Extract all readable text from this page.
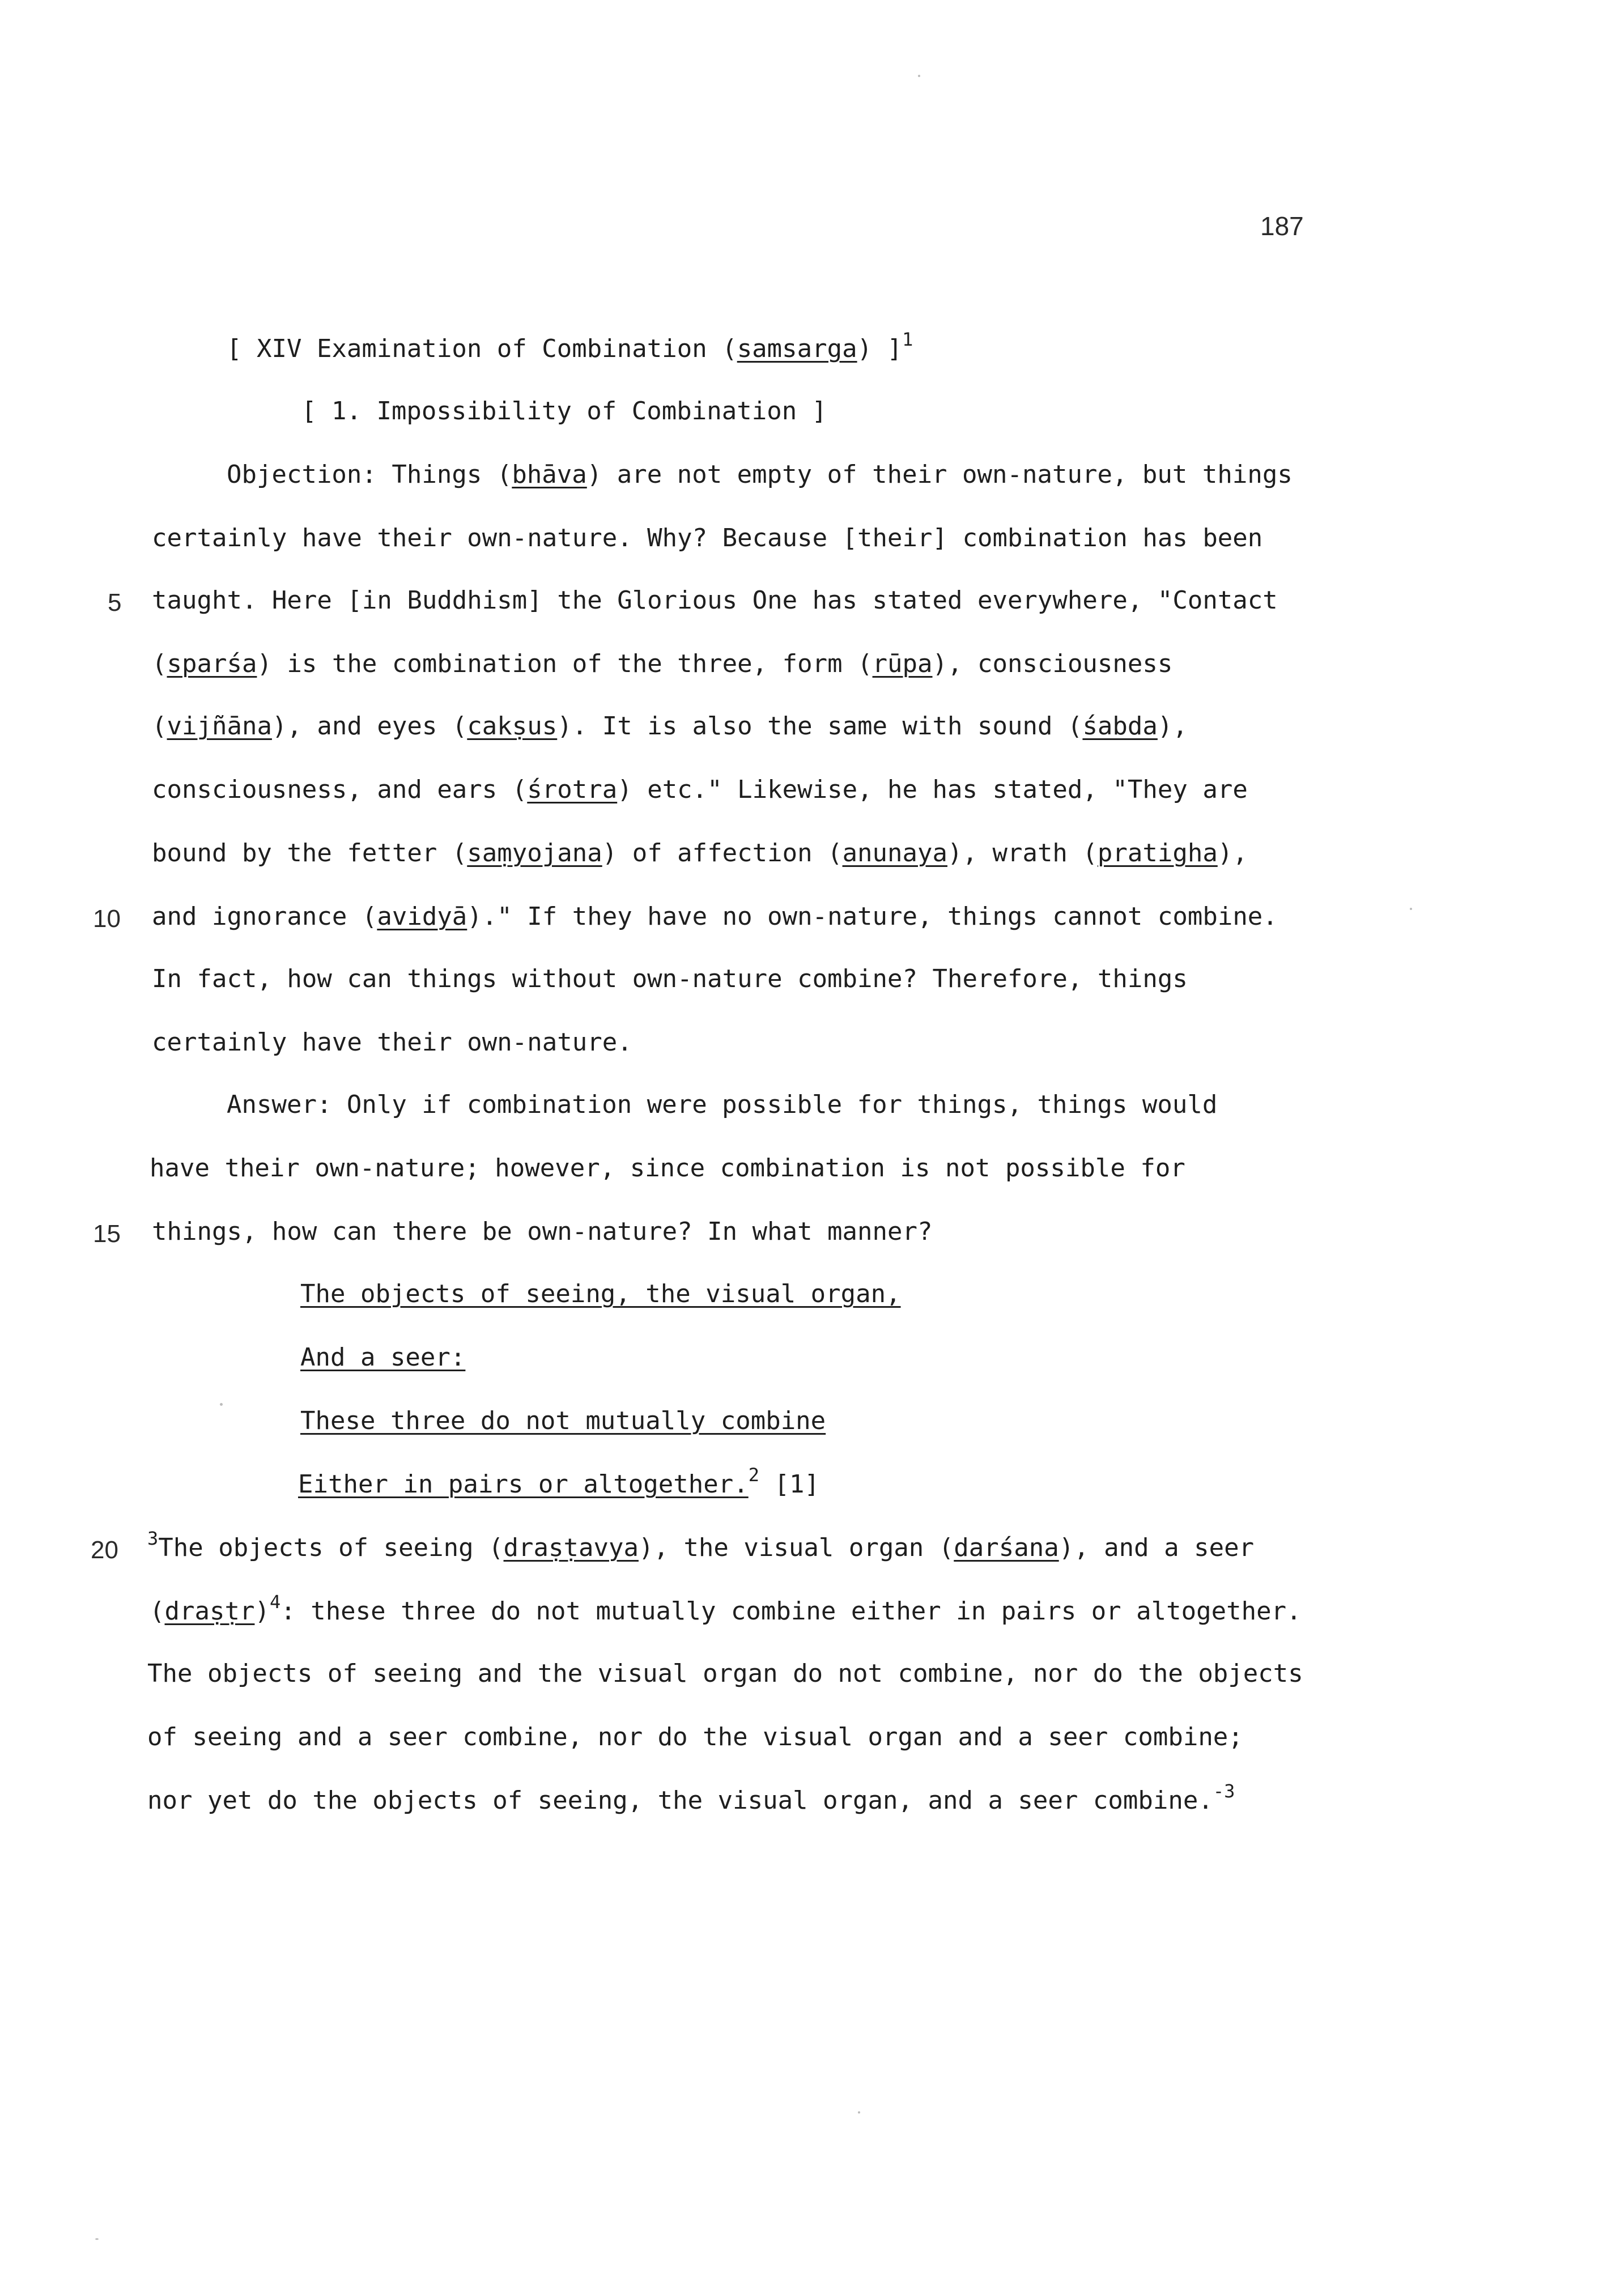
187
[ XIV Examination of Combination (samsarga) ]$^1$
[ 1. Impossibility of Combination ]
Objection: Things (bhāva) are not empty of their own-nature, but things
certainly have their own-nature. Why? Because [their] combination has been
5 taught. Here [in Buddhism] the Glorious One has stated everywhere, "Contact
(sparśa) is the combination of the three, form (rūpa), consciousness
(vijñāna), and eyes (cakṣus). It is also the same with sound (śabda),
consciousness, and ears (śrotra) etc." Likewise, he has stated, "They are
bound by the fetter (saṃyojana) of affection (anunaya), wrath (pratigha),
10 and ignorance (avidyā)." If they have no own-nature, things cannot combine.
In fact, how can things without own-nature combine? Therefore, things
certainly have their own-nature.
Answer: Only if combination were possible for things, things would
have their own-nature; however, since combination is not possible for
15 things, how can there be own-nature? In what manner?
The objects of seeing, the visual organ,
And a seer:
These three do not mutually combine
Either in pairs or altogether.$^2$ [1]
20 $^3$The objects of seeing (draṣṭavya), the visual organ (darśana), and a seer
(draṣṭr)$^4$: these three do not mutually combine either in pairs or altogether.
The objects of seeing and the visual organ do not combine, nor do the objects
of seeing and a seer combine, nor do the visual organ and a seer combine;
nor yet do the objects of seeing, the visual organ, and a seer combine.$^{-3}$
